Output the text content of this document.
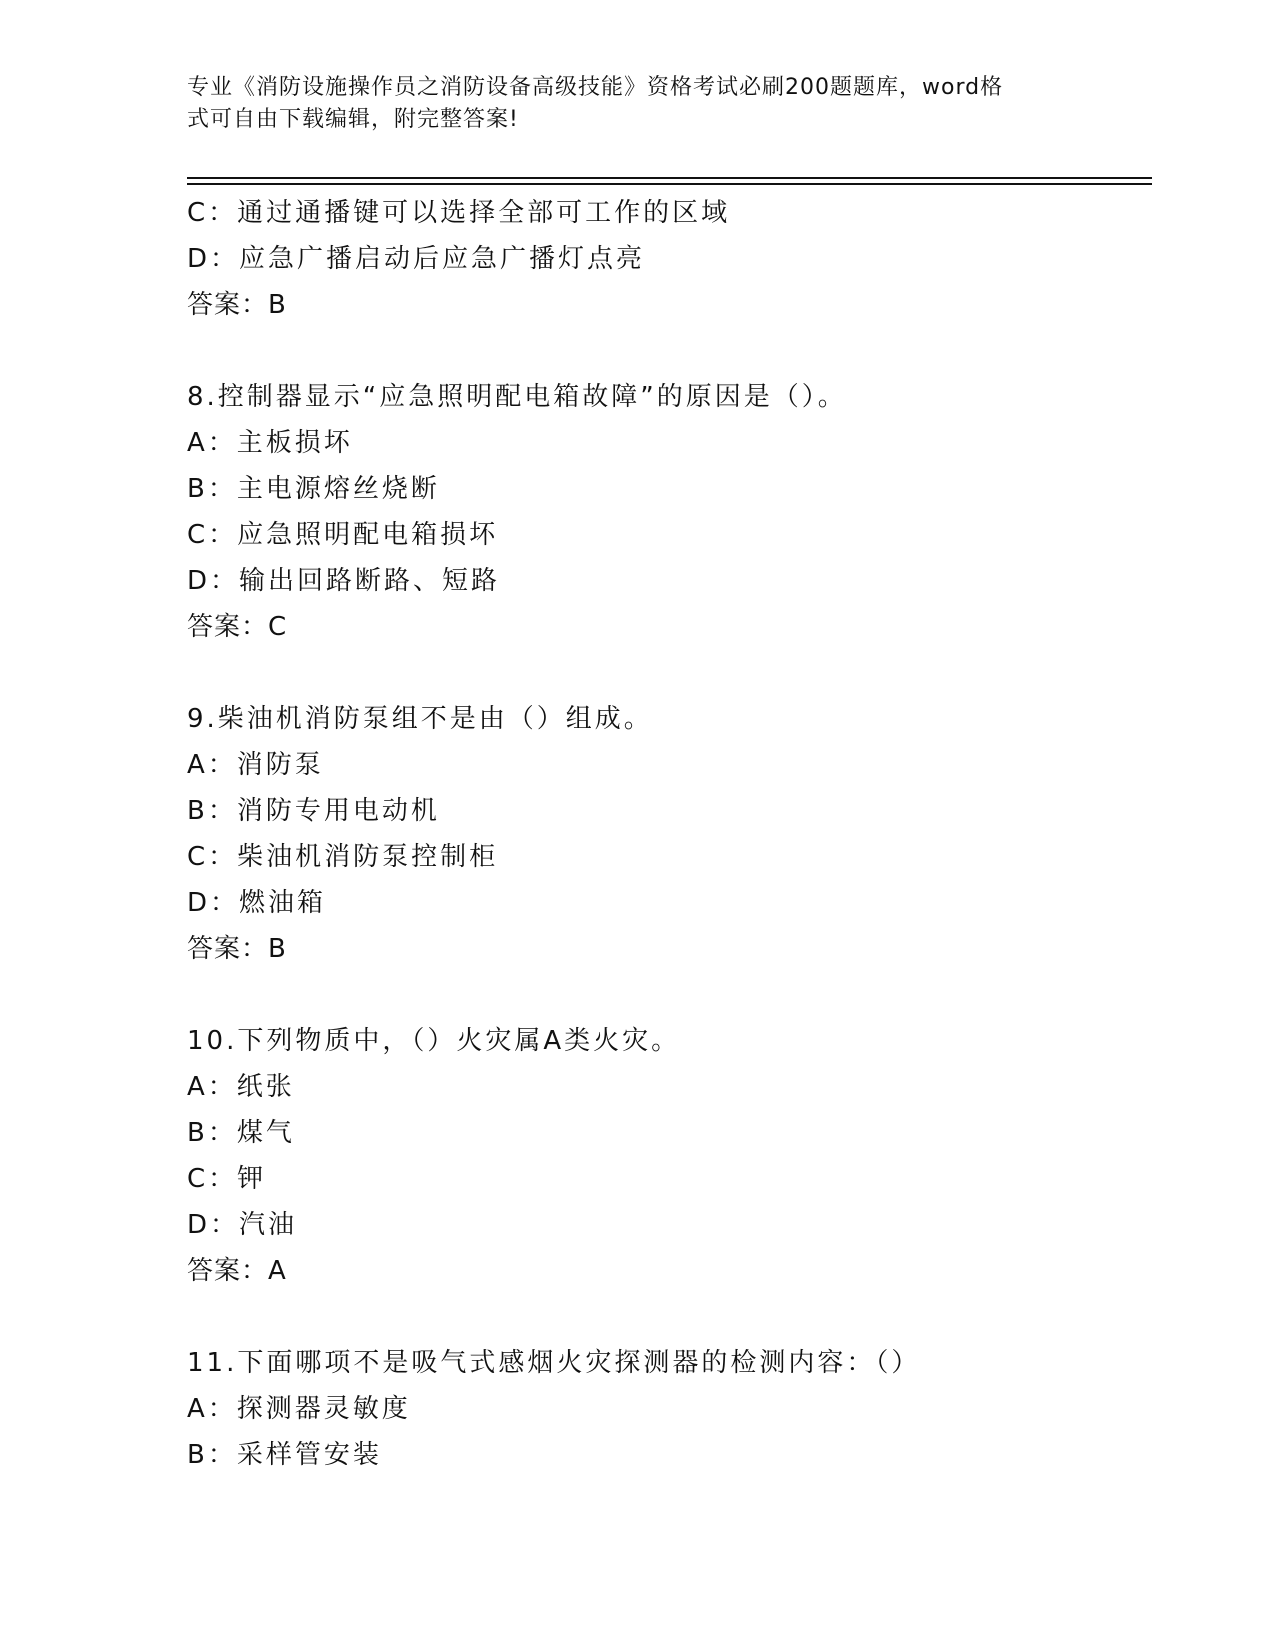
专业《消防设施操作员之消防设备高级技能》资格考试必刷200题题库，word格
式可自由下载编辑，附完整答案!
C：通过通播键可以选择全部可工作的区域
D：应急广播启动后应急广播灯点亮
答案：B
8.控制器显示“应急照明配电箱故障”的原因是（）。
A：主板损坏
B：主电源熔丝烧断
C：应急照明配电箱损坏
D：输出回路断路、短路
答案：C
9.柴油机消防泵组不是由（）组成。
A：消防泵
B：消防专用电动机
C：柴油机消防泵控制柜
D：燃油箱
答案：B
10.下列物质中，（）火灾属A类火灾。
A：纸张
B：煤气
C：钾
D：汽油
答案：A
11.下面哪项不是吸气式感烟火灾探测器的检测内容：（）
A：探测器灵敏度
B：采样管安装
